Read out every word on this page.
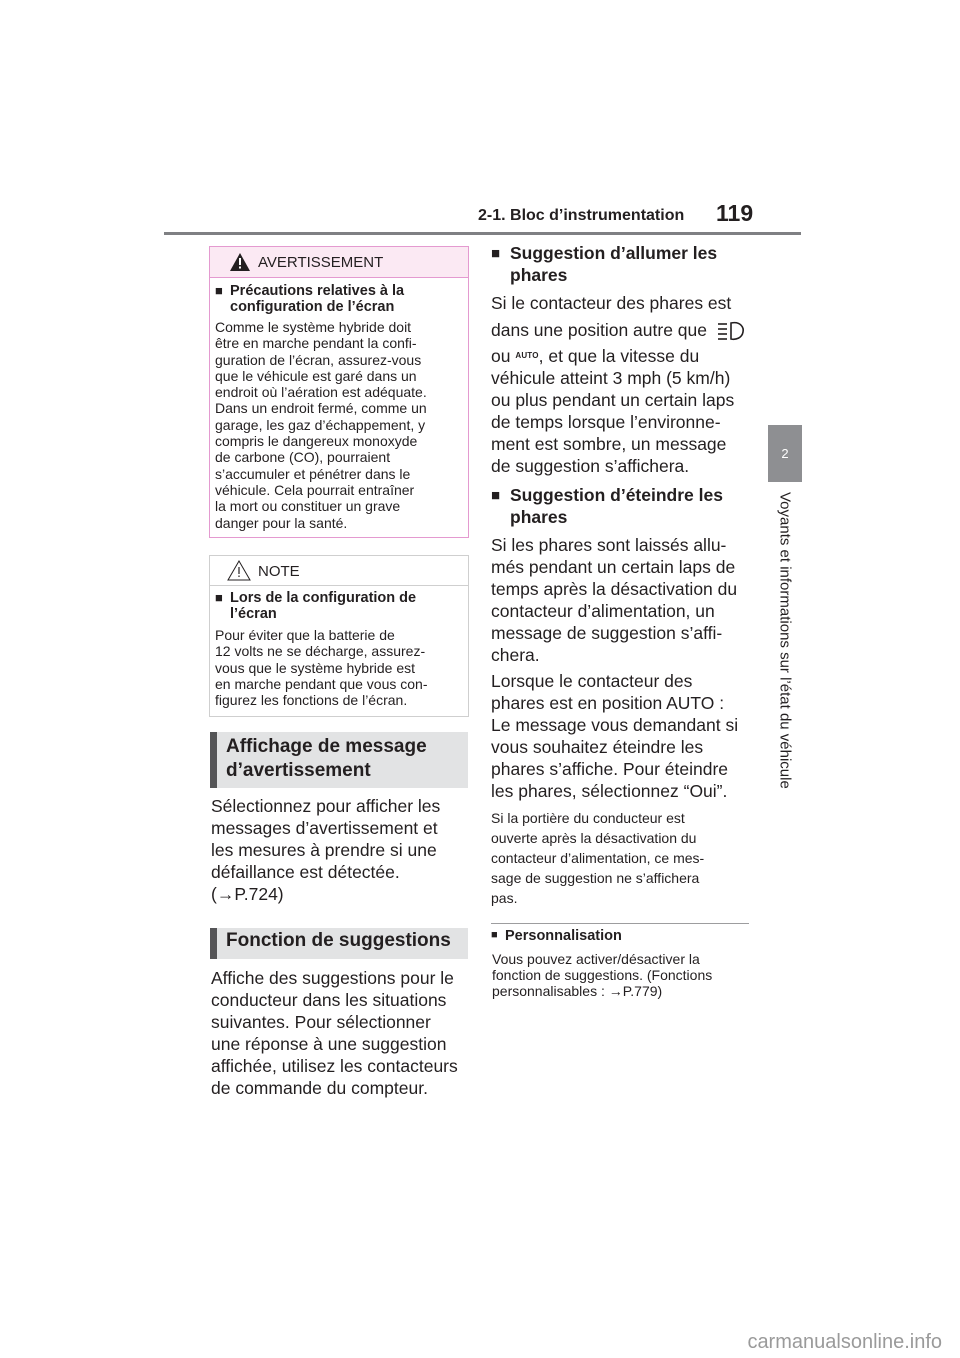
2-1. Bloc d’instrumentation 119
2
Voyants et informations sur l’état du véhicule
AVERTISSEMENT
■ Précautions relatives à la
configuration de l’écran
Comme le système hybride doit
être en marche pendant la confi-
guration de l’écran, assurez-vous
que le véhicule est garé dans un
endroit où l’aération est adéquate.
Dans un endroit fermé, comme un
garage, les gaz d’échappement, y
compris le dangereux monoxyde
de carbone (CO), pourraient
s’accumuler et pénétrer dans le
véhicule. Cela pourrait entraîner
la mort ou constituer un grave
danger pour la santé.
NOTE
■ Lors de la configuration de
l’écran
Pour éviter que la batterie de
12 volts ne se décharge, assurez-
vous que le système hybride est
en marche pendant que vous con-
figurez les fonctions de l’écran.
Affichage de message
d’avertissement
Sélectionnez pour afficher les
messages d’avertissement et
les mesures à prendre si une
défaillance est détectée.
(→P.724)
Fonction de suggestions
Affiche des suggestions pour le
conducteur dans les situations
suivantes. Pour sélectionner
une réponse à une suggestion
affichée, utilisez les contacteurs
de commande du compteur.
■ Suggestion d’allumer les
phares
Si le contacteur des phares est
dans une position autre que
ou $^{AUTO}$, et que la vitesse du
véhicule atteint 3 mph (5 km/h)
ou plus pendant un certain laps
de temps lorsque l’environne-
ment est sombre, un message
de suggestion s’affichera.
■ Suggestion d’éteindre les
phares
Si les phares sont laissés allu-
més pendant un certain laps de
temps après la désactivation du
contacteur d’alimentation, un
message de suggestion s’affi-
chera.
Lorsque le contacteur des
phares est en position AUTO :
Le message vous demandant si
vous souhaitez éteindre les
phares s’affiche. Pour éteindre
les phares, sélectionnez “Oui”.
Si la portière du conducteur est
ouverte après la désactivation du
contacteur d’alimentation, ce mes-
sage de suggestion ne s’affichera
pas.
■ Personnalisation
Vous pouvez activer/désactiver la
fonction de suggestions. (Fonctions
personnalisables : →P.779)
carmanualsonline.info
